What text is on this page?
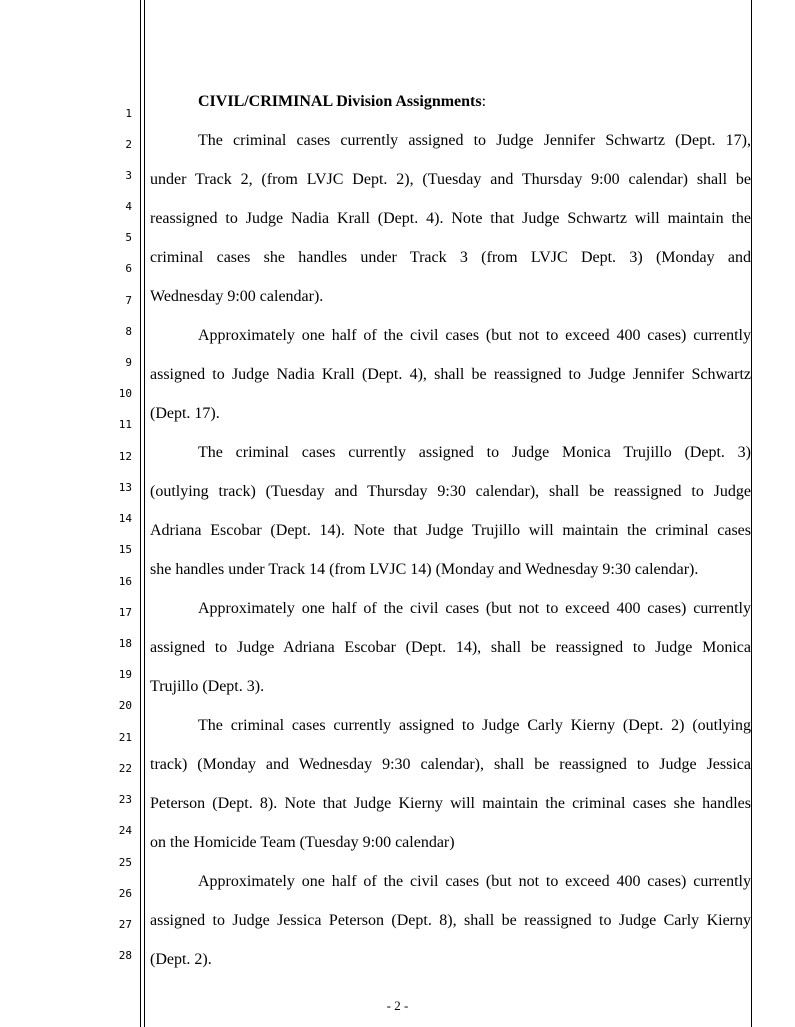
1
2
3
4
5
6
7
8
9
10
11
12
13
14
15
16
17
18
19
20
21
22
23
24
25
26
27
28
CIVIL/CRIMINAL Division Assignments:
The criminal cases currently assigned to Judge Jennifer Schwartz (Dept. 17),
under Track 2, (from LVJC Dept. 2), (Tuesday and Thursday 9:00 calendar) shall be
reassigned to Judge Nadia Krall (Dept. 4). Note that Judge Schwartz will maintain the
criminal cases she handles under Track 3 (from LVJC Dept. 3) (Monday and
Wednesday 9:00 calendar).
Approximately one half of the civil cases (but not to exceed 400 cases) currently
assigned to Judge Nadia Krall (Dept. 4), shall be reassigned to Judge Jennifer Schwartz
(Dept. 17).
The criminal cases currently assigned to Judge Monica Trujillo (Dept. 3)
(outlying track) (Tuesday and Thursday 9:30 calendar), shall be reassigned to Judge
Adriana Escobar (Dept. 14). Note that Judge Trujillo will maintain the criminal cases
she handles under Track 14 (from LVJC 14) (Monday and Wednesday 9:30 calendar).
Approximately one half of the civil cases (but not to exceed 400 cases) currently
assigned to Judge Adriana Escobar (Dept. 14), shall be reassigned to Judge Monica
Trujillo (Dept. 3).
The criminal cases currently assigned to Judge Carly Kierny (Dept. 2) (outlying
track) (Monday and Wednesday 9:30 calendar), shall be reassigned to Judge Jessica
Peterson (Dept. 8). Note that Judge Kierny will maintain the criminal cases she handles
on the Homicide Team (Tuesday 9:00 calendar)
Approximately one half of the civil cases (but not to exceed 400 cases) currently
assigned to Judge Jessica Peterson (Dept. 8), shall be reassigned to Judge Carly Kierny
(Dept. 2).
- 2 -
